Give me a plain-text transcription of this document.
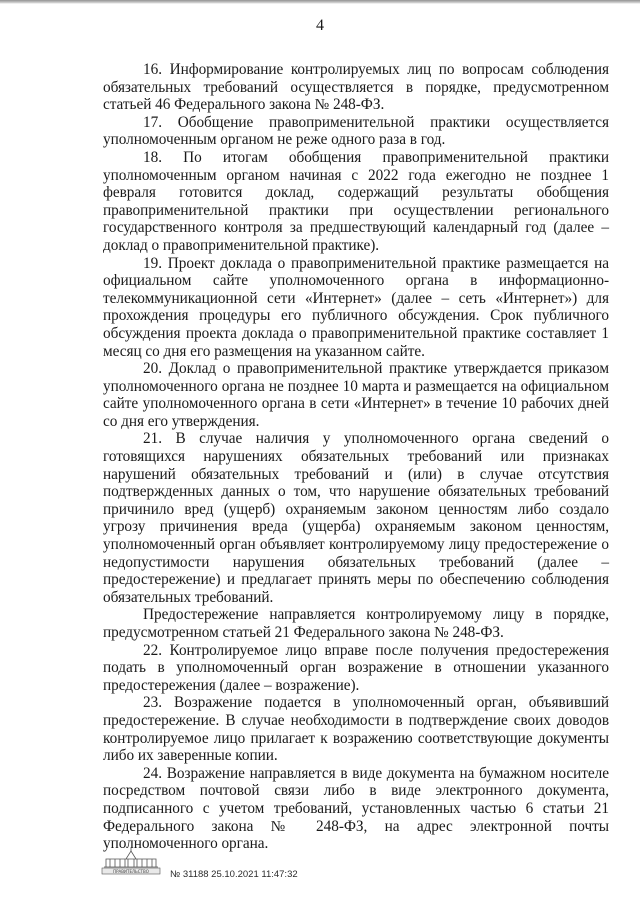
4

16. Информирование контролируемых лиц по вопросам соблюдения обязательных требований осуществляется в порядке, предусмотренном статьей 46 Федерального закона № 248-ФЗ.

17. Обобщение правоприменительной практики осуществляется уполномоченным органом не реже одного раза в год.

18. По итогам обобщения правоприменительной практики уполномоченным органом начиная с 2022 года ежегодно не позднее 1 февраля готовится доклад, содержащий результаты обобщения правоприменительной практики при осуществлении регионального государственного контроля за предшествующий календарный год (далее – доклад о правоприменительной практике).

19. Проект доклада о правоприменительной практике размещается на официальном сайте уполномоченного органа в информационно-телекоммуникационной сети «Интернет» (далее – сеть «Интернет») для прохождения процедуры его публичного обсуждения. Срок публичного обсуждения проекта доклада о правоприменительной практике составляет 1 месяц со дня его размещения на указанном сайте.

20. Доклад о правоприменительной практике утверждается приказом уполномоченного органа не позднее 10 марта и размещается на официальном сайте уполномоченного органа в сети «Интернет» в течение 10 рабочих дней со дня его утверждения.

21. В случае наличия у уполномоченного органа сведений о готовящихся нарушениях обязательных требований или признаках нарушений обязательных требований и (или) в случае отсутствия подтвержденных данных о том, что нарушение обязательных требований причинило вред (ущерб) охраняемым законом ценностям либо создало угрозу причинения вреда (ущерба) охраняемым законом ценностям, уполномоченный орган объявляет контролируемому лицу предостережение о недопустимости нарушения обязательных требований (далее – предостережение) и предлагает принять меры по обеспечению соблюдения обязательных требований.

Предостережение направляется контролируемому лицу в порядке, предусмотренном статьей 21 Федерального закона № 248-ФЗ.

22. Контролируемое лицо вправе после получения предостережения подать в уполномоченный орган возражение в отношении указанного предостережения (далее – возражение).

23. Возражение подается в уполномоченный орган, объявивший предостережение. В случае необходимости в подтверждение своих доводов контролируемое лицо прилагает к возражению соответствующие документы либо их заверенные копии.

24. Возражение направляется в виде документа на бумажном носителе посредством почтовой связи либо в виде электронного документа, подписанного с учетом требований, установленных частью 6 статьи 21 Федерального закона № 248-ФЗ, на адрес электронной почты уполномоченного органа.

ПРАВИТЕЛЬСТВО № 31188 25.10.2021 11:47:32
